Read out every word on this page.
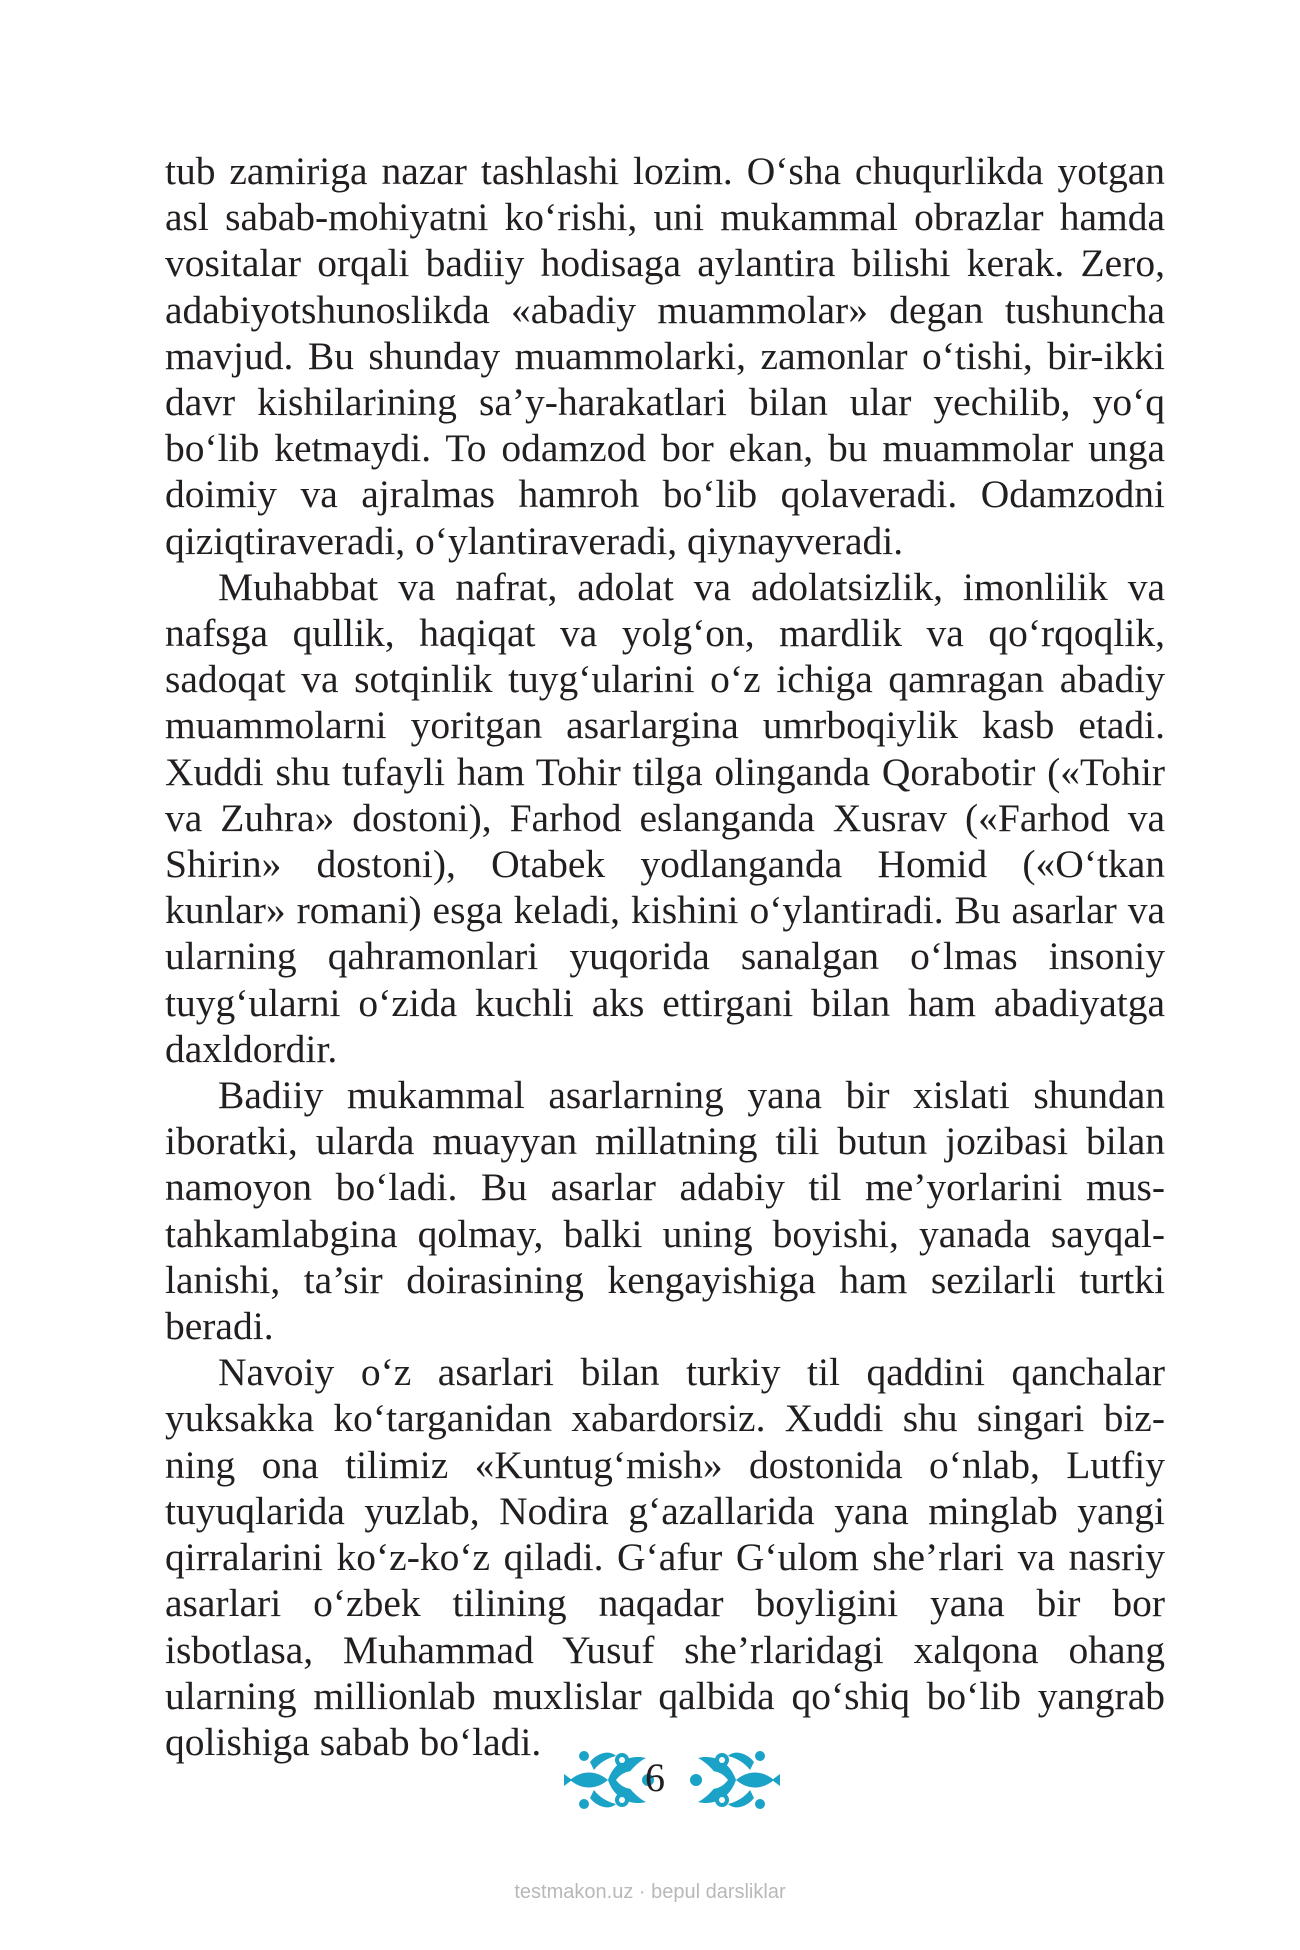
tub zamiriga nazar tashlashi lozim. O‘sha chuqurlikda yotgan asl sabab-mohiyatni ko‘rishi, uni mukammal obrazlar hamda vositalar orqali badiiy hodisaga aylantira bilishi kerak. Zero, adabiyotshunoslikda «abadiy muammolar» degan tushuncha mavjud. Bu shunday muammolarki, zamonlar o‘tishi, bir-ikki davr kishilarining sa’y-harakatlari bilan ular yechilib, yo‘q bo‘lib ketmaydi. To odamzod bor ekan, bu muammolar unga doimiy va ajralmas hamroh bo‘lib qolaveradi. Odamzodni qiziqtiraveradi, o‘ylantiraveradi, qiynayveradi.

Muhabbat va nafrat, adolat va adolatsizlik, imonlilik va nafsga qullik, haqiqat va yolg‘on, mardlik va qo‘rqoqlik, sadoqat va sotqinlik tuyg‘ularini o‘z ichiga qamragan abadiy muammolarni yoritgan asarlargina umrboqiylik kasb etadi. Xuddi shu tufayli ham Tohir tilga olinganda Qorabotir («Tohir va Zuhra» dostoni), Farhod eslanganda Xusrav («Farhod va Shirin» dostoni), Otabek yodlanganda Homid («O‘tkan kunlar» romani) esga keladi, kishini o‘ylantiradi. Bu asarlar va ularning qahramonlari yuqorida sanalgan o‘lmas insoniy tuyg‘ularni o‘zida kuchli aks ettirgani bilan ham abadiyatga daxldordir.

Badiiy mukammal asarlarning yana bir xislati shundan iboratki, ularda muayyan millatning tili butun jozibasi bilan namoyon bo‘ladi. Bu asarlar adabiy til me’yorlarini mustahkamlabgina qolmay, balki uning boyishi, yanada sayqallanishi, ta’sir doirasining kengayishiga ham sezilarli turtki beradi.

Navoiy o‘z asarlari bilan turkiy til qaddini qanchalar yuksakka ko‘targanidan xabardorsiz. Xuddi shu singari bizning ona tilimiz «Kuntug‘mish» dostonida o‘nlab, Lutfiy tuyuqlarida yuzlab, Nodira g‘azallarida yana minglab yangi qirralarini ko‘z-ko‘z qiladi. G‘afur G‘ulom she’rlari va nasriy asarlari o‘zbek tilining naqadar boyligini yana bir bor isbotlasa, Muhammad Yusuf she’rlaridagi xalqona ohang ularning millionlab muxlislar qalbida qo‘shiq bo‘lib yangrab qolishiga sabab bo‘ladi.

6
testmakon.uz · bepul darsliklar
